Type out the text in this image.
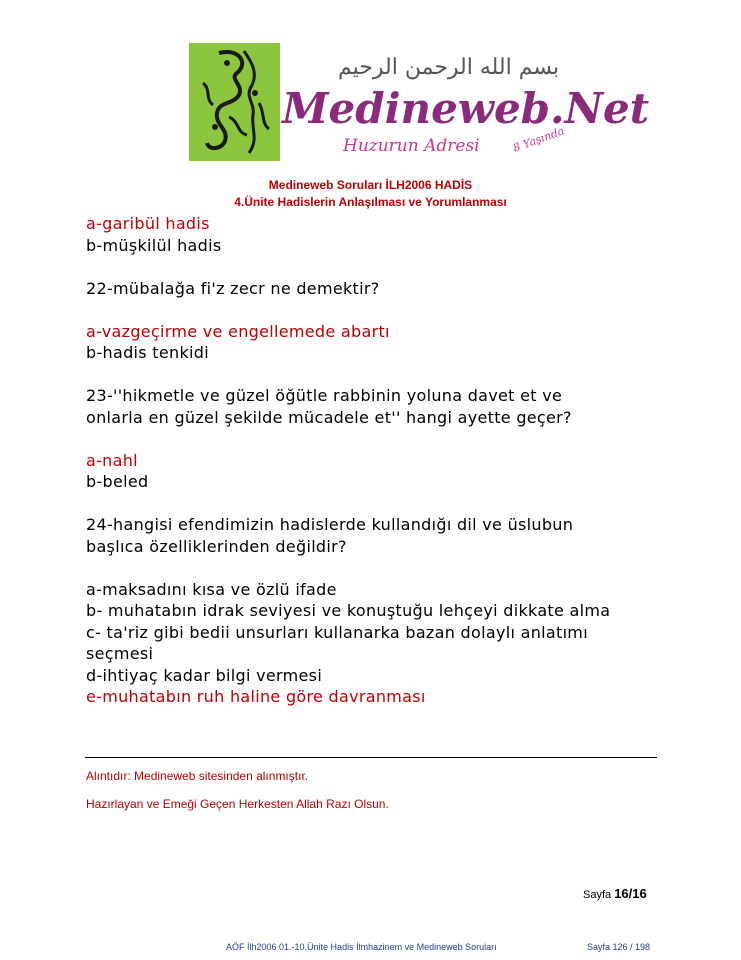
بسم الله الرحمن الرحيم
Medineweb.Net
Huzurun Adresi	8 Yaşında
Medineweb Soruları İLH2006 HADİS
4.Ünite Hadislerin Anlaşılması ve Yorumlanması
a-garibül hadis
b-müşkilül hadis
22-mübalağa fi'z zecr ne demektir?
a-vazgeçirme ve engellemede abartı
b-hadis tenkidi
23-''hikmetle ve güzel öğütle rabbinin yoluna davet et ve
onlarla en güzel şekilde mücadele et'' hangi ayette geçer?
a-nahl
b-beled
24-hangisi efendimizin hadislerde kullandığı dil ve üslubun
başlıca özelliklerinden değildir?
a-maksadını kısa ve özlü ifade
b- muhatabın idrak seviyesi ve konuştuğu lehçeyi dikkate alma
c- ta'riz gibi bedii unsurları kullanarka bazan dolaylı anlatımı
seçmesi
d-ihtiyaç kadar bilgi vermesi
e-muhatabın ruh haline göre davranması
Alıntıdır: Medineweb sitesinden alınmıştır.
Hazırlayan ve Emeği Geçen Herkesten Allah Razı Olsun.
Sayfa 16/16
AÖF İlh2006 01.-10.Ünite Hadis İlmhazinem ve Medineweb Soruları	Sayfa 126 / 198
